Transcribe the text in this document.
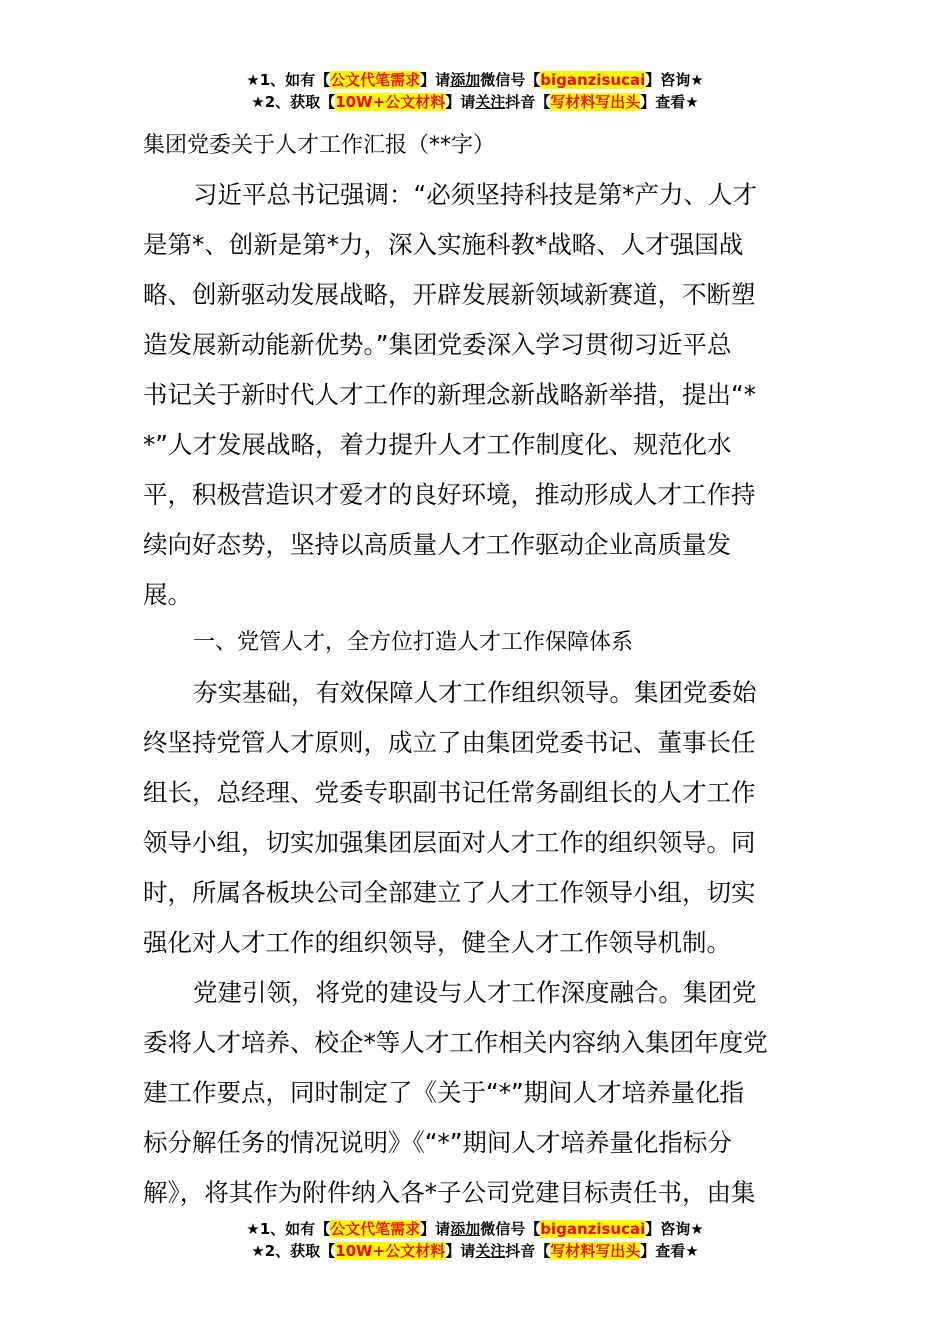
★1、如有【公文代笔需求】请添加微信号【biganzisucai】咨询★
★2、获取【10W+公文材料】请关注抖音【写材料写出头】查看★
集团党委关于人才工作汇报（**字）
习近平总书记强调：“必须坚持科技是第*产力、人才
是第*、创新是第*力，深入实施科教*战略、人才强国战
略、创新驱动发展战略，开辟发展新领域新赛道，不断塑
造发展新动能新优势。”集团党委深入学习贯彻习近平总
书记关于新时代人才工作的新理念新战略新举措，提出“*
*”人才发展战略，着力提升人才工作制度化、规范化水
平，积极营造识才爱才的良好环境，推动形成人才工作持
续向好态势，坚持以高质量人才工作驱动企业高质量发
展。
一、党管人才，全方位打造人才工作保障体系
夯实基础，有效保障人才工作组织领导。集团党委始
终坚持党管人才原则，成立了由集团党委书记、董事长任
组长，总经理、党委专职副书记任常务副组长的人才工作
领导小组，切实加强集团层面对人才工作的组织领导。同
时，所属各板块公司全部建立了人才工作领导小组，切实
强化对人才工作的组织领导，健全人才工作领导机制。
党建引领，将党的建设与人才工作深度融合。集团党
委将人才培养、校企*等人才工作相关内容纳入集团年度党
建工作要点，同时制定了《关于“*”期间人才培养量化指
标分解任务的情况说明》《“*”期间人才培养量化指标分
解》，将其作为附件纳入各*子公司党建目标责任书，由集
★1、如有【公文代笔需求】请添加微信号【biganzisucai】咨询★
★2、获取【10W+公文材料】请关注抖音【写材料写出头】查看★
